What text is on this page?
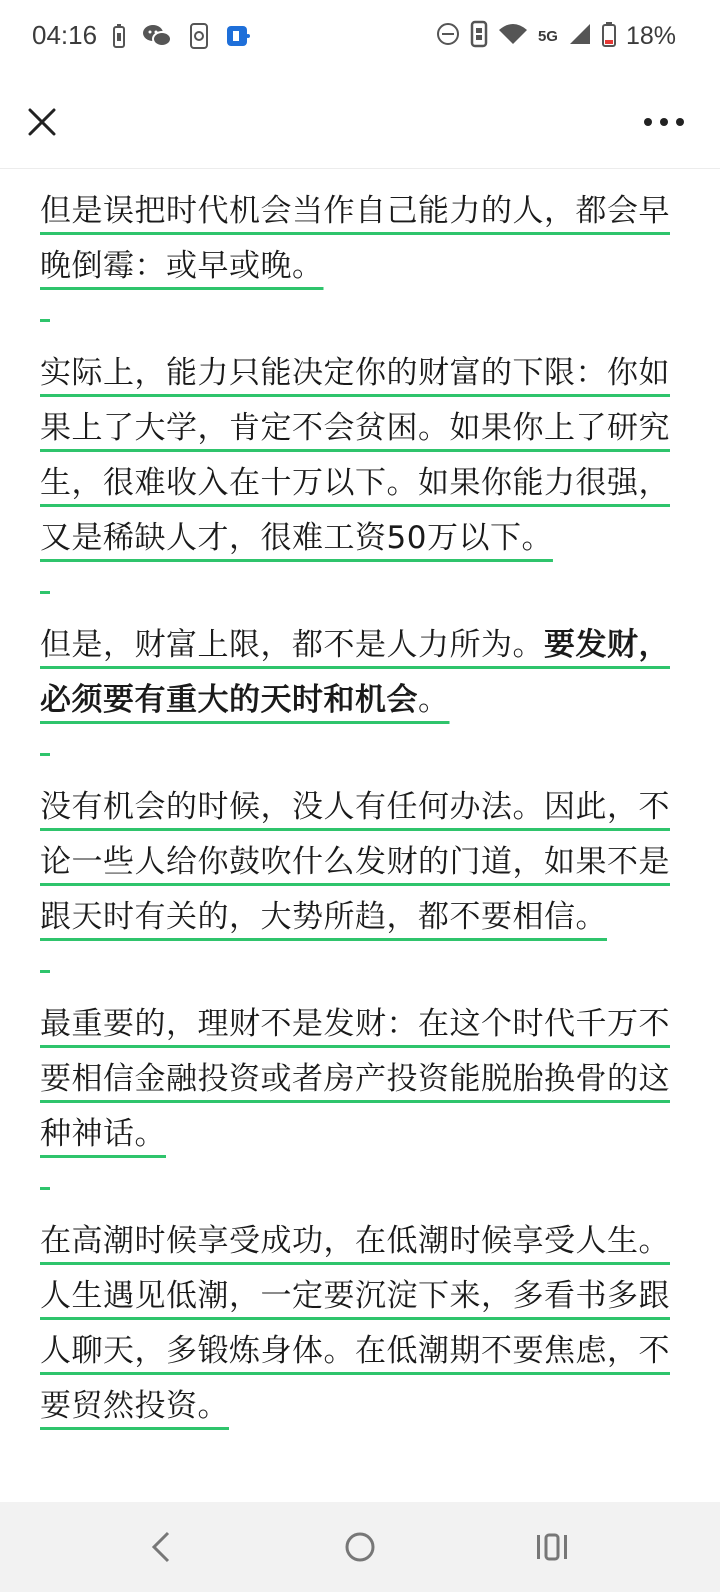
04:16	5G	18%

但是误把时代机会当作自己能力的人，都会早晚倒霉：或早或晚。

实际上，能力只能决定你的财富的下限：你如果上了大学，肯定不会贫困。如果你上了研究生，很难收入在十万以下。如果你能力很强，又是稀缺人才，很难工资50万以下。

但是，财富上限，都不是人力所为。要发财，必须要有重大的天时和机会。

没有机会的时候，没人有任何办法。因此，不论一些人给你鼓吹什么发财的门道，如果不是跟天时有关的，大势所趋，都不要相信。

最重要的，理财不是发财：在这个时代千万不要相信金融投资或者房产投资能脱胎换骨的这种神话。

在高潮时候享受成功，在低潮时候享受人生。人生遇见低潮，一定要沉淀下来，多看书多跟人聊天，多锻炼身体。在低潮期不要焦虑，不要贸然投资。
